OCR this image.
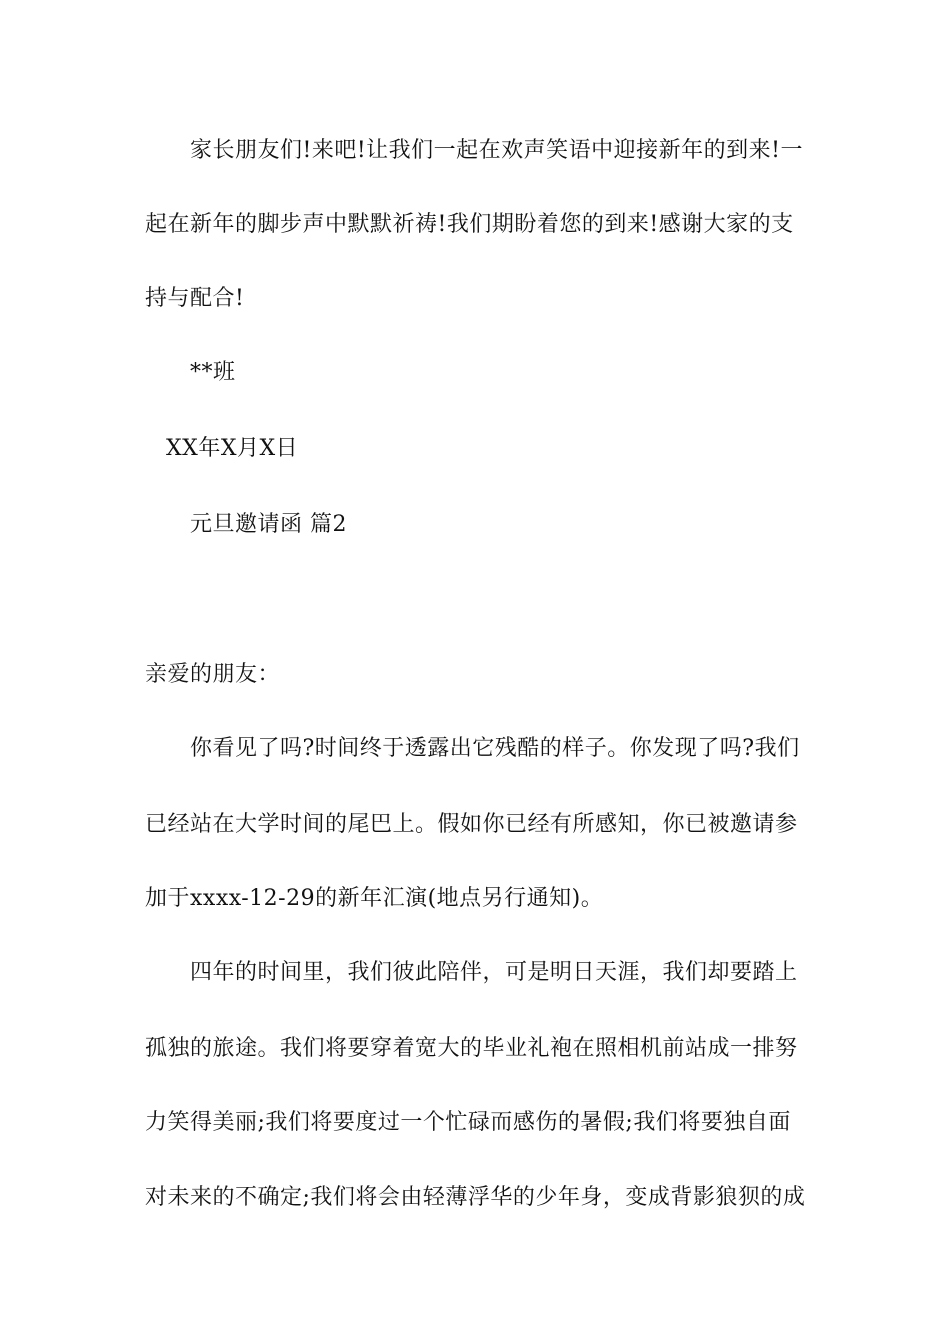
家长朋友们!来吧!让我们一起在欢声笑语中迎接新年的到来!一
起在新年的脚步声中默默祈祷!我们期盼着您的到来!感谢大家的支
持与配合!
**班
XX年X月X日
元旦邀请函 篇2
亲爱的朋友：
你看见了吗?时间终于透露出它残酷的样子。你发现了吗?我们
已经站在大学时间的尾巴上。假如你已经有所感知，你已被邀请参
加于xxxx-12-29的新年汇演(地点另行通知)。
四年的时间里，我们彼此陪伴，可是明日天涯，我们却要踏上
孤独的旅途。我们将要穿着宽大的毕业礼袍在照相机前站成一排努
力笑得美丽;我们将要度过一个忙碌而感伤的暑假;我们将要独自面
对未来的不确定;我们将会由轻薄浮华的少年身，变成背影狼狈的成
